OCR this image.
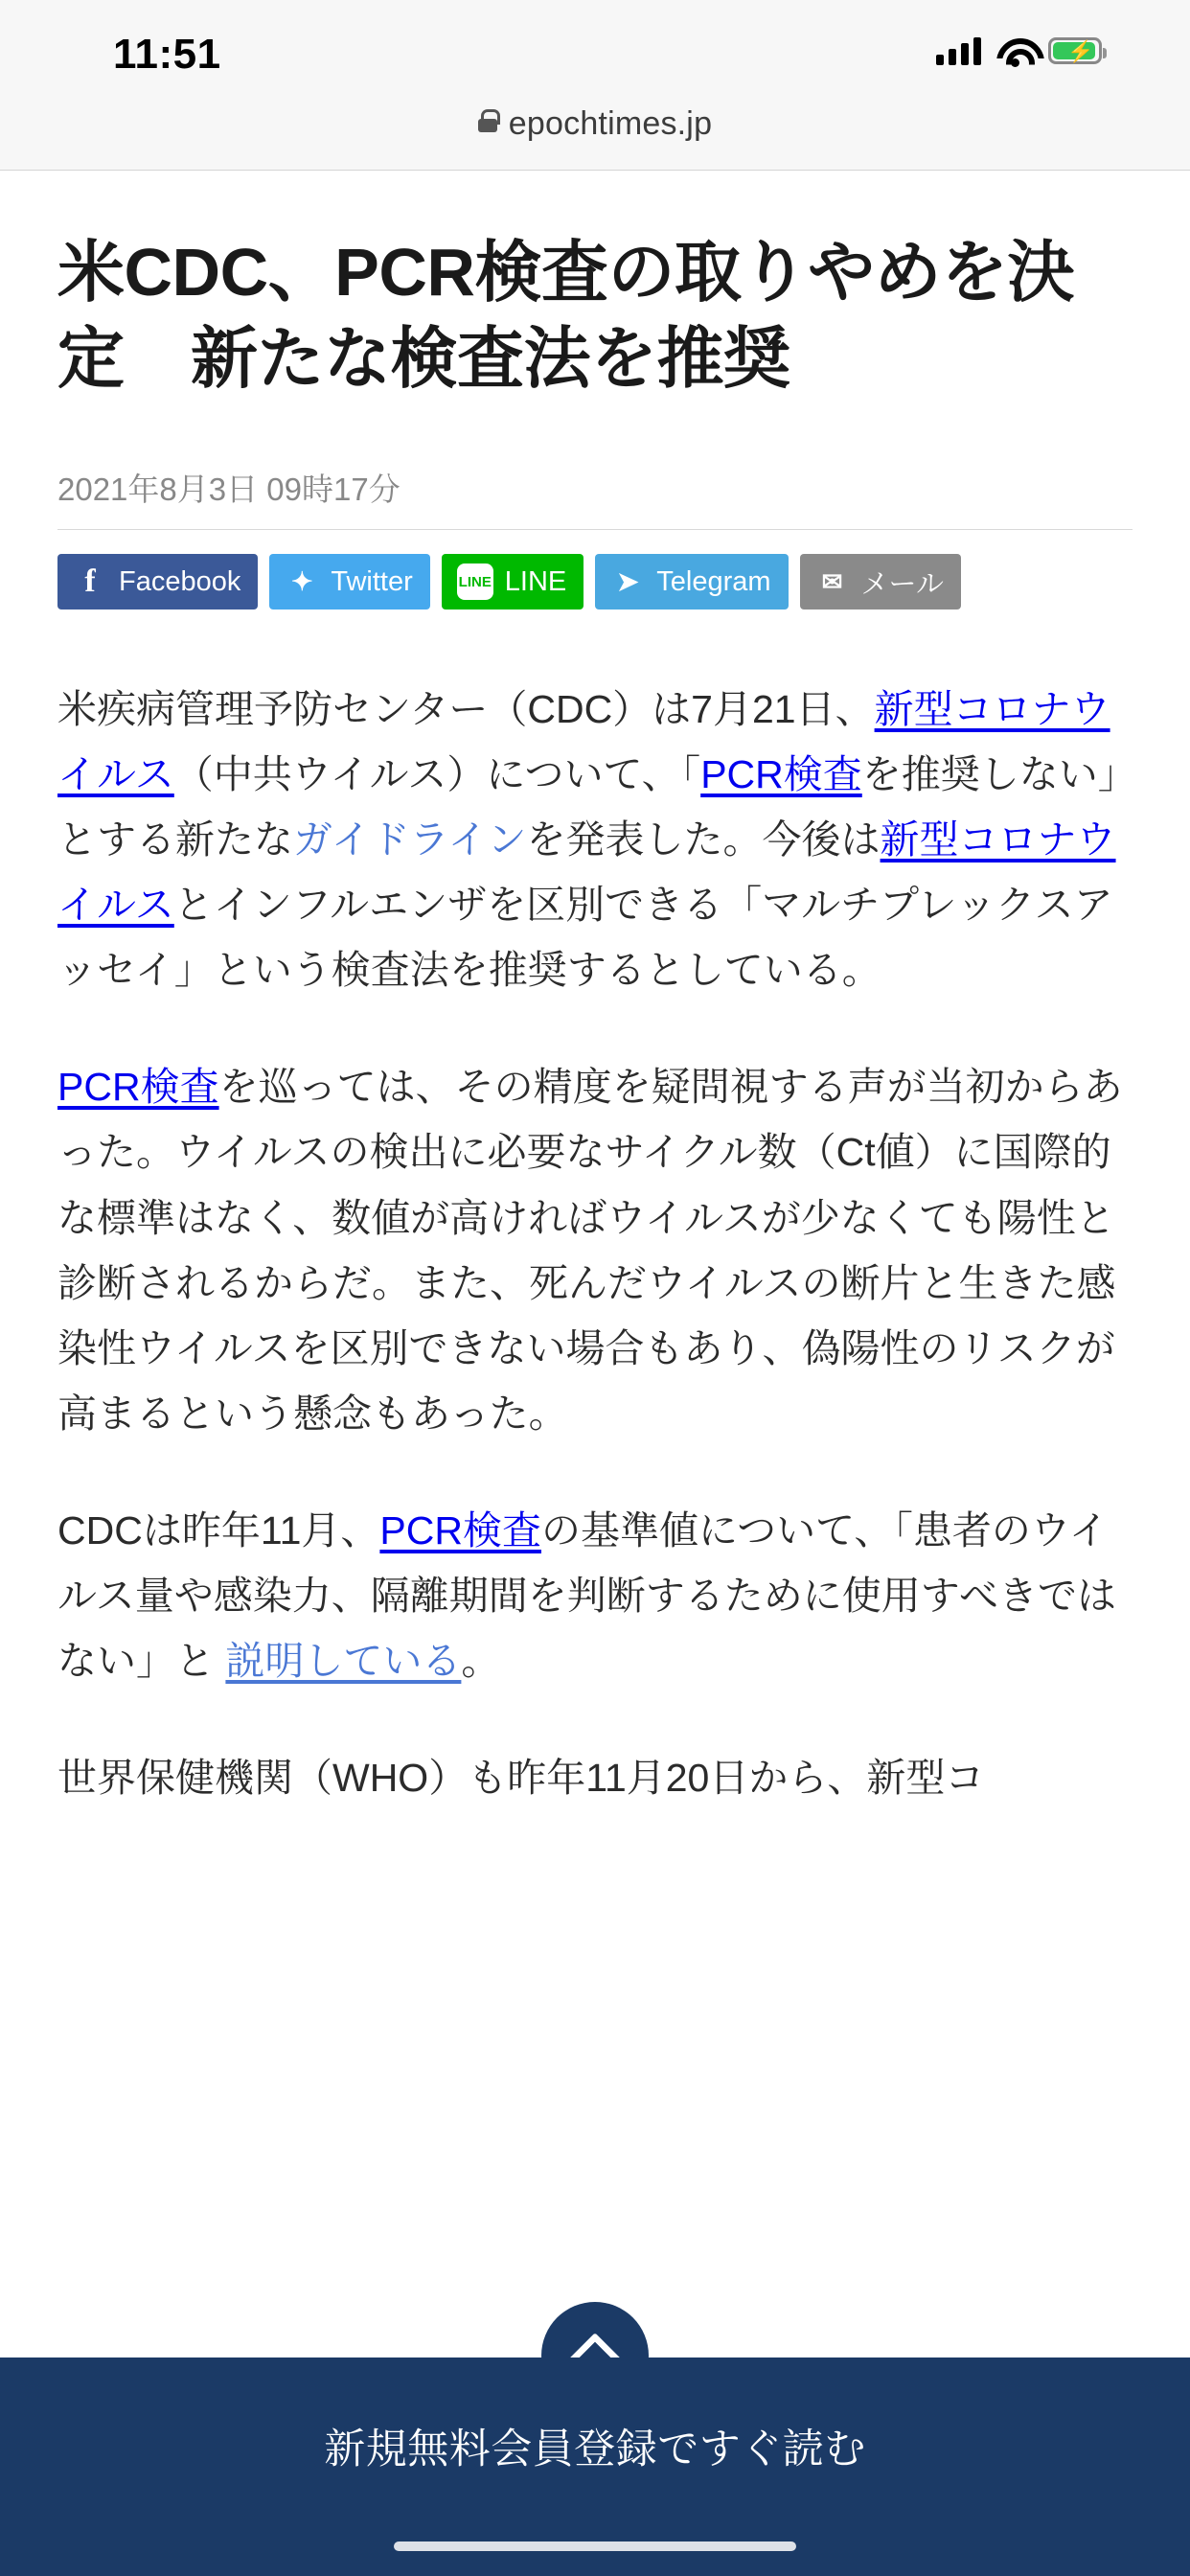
11:51	⚡
epochtimes.jp
米CDC、PCR検査の取りやめを決定　新たな検査法を推奨
2021年8月3日 09時17分
f Facebook ✦ Twitter	LINE LINE ➤ Telegram ✉ メール

米疾病管理予防センター（CDC）は7月21日、新型コロナウイルス（中共ウイルス）について、「PCR検査を推奨しない」とする新たなガイドラインを発表した。今後は新型コロナウイルスとインフルエンザを区別できる「マルチプレックスアッセイ」という検査法を推奨するとしている。

PCR検査を巡っては、その精度を疑問視する声が当初からあった。ウイルスの検出に必要なサイクル数（Ct値）に国際的な標準はなく、数値が高ければウイルスが少なくても陽性と診断されるからだ。また、死んだウイルスの断片と生きた感染性ウイルスを区別できない場合もあり、偽陽性のリスクが高まるという懸念もあった。

CDCは昨年11月、PCR検査の基準値について、「患者のウイルス量や感染力、隔離期間を判断するために使用すべきではない」と 説明している。

世界保健機関（WHO）も昨年11月20日から、新型コ

新規無料会員登録ですぐ読む
